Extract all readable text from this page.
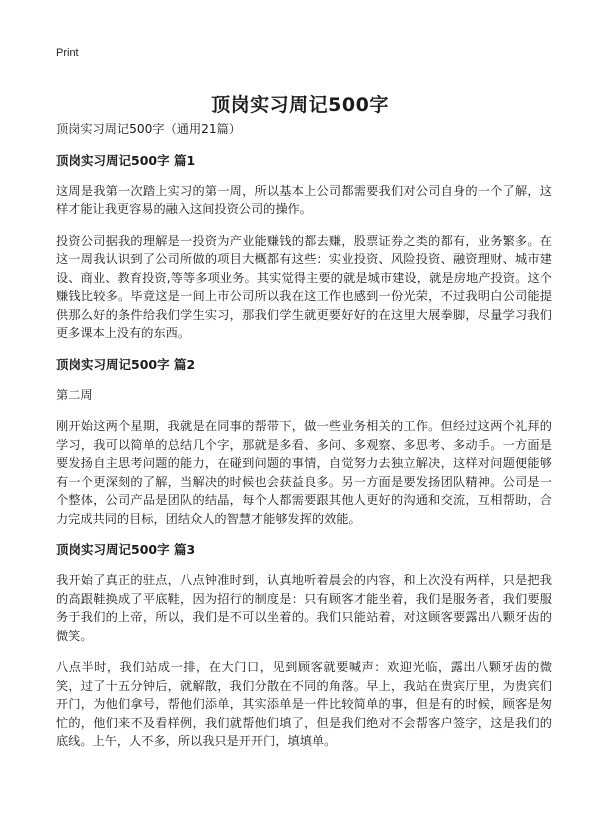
Print
顶岗实习周记500字
顶岗实习周记500字（通用21篇）
顶岗实习周记500字 篇1

这周是我第一次踏上实习的第一周，所以基本上公司都需要我们对公司自身的一个了解，这样才能让我更容易的融入这间投资公司的操作。

投资公司据我的理解是一投资为产业能赚钱的都去赚，股票证券之类的都有，业务繁多。在这一周我认识到了公司所做的项目大概都有这些：实业投资、风险投资、融资理财、城市建设、商业、教育投资,等等多项业务。其实觉得主要的就是城市建设，就是房地产投资。这个赚钱比较多。毕竟这是一间上市公司所以我在这工作也感到一份光荣，不过我明白公司能提供那么好的条件给我们学生实习，那我们学生就更要好好的在这里大展拳脚，尽量学习我们更多课本上没有的东西。

顶岗实习周记500字 篇2

第二周

刚开始这两个星期，我就是在同事的帮带下，做一些业务相关的工作。但经过这两个礼拜的学习，我可以简单的总结几个字，那就是多看、多问、多观察、多思考、多动手。一方面是要发扬自主思考问题的能力，在碰到问题的事情，自觉努力去独立解决，这样对问题便能够有一个更深刻的了解，当解决的时候也会获益良多。另一方面是要发扬团队精神。公司是一个整体，公司产品是团队的结晶，每个人都需要跟其他人更好的沟通和交流，互相帮助，合力完成共同的目标，团结众人的智慧才能够发挥的效能。

顶岗实习周记500字 篇3

我开始了真正的驻点，八点钟准时到，认真地听着晨会的内容，和上次没有两样，只是把我的高跟鞋换成了平底鞋，因为招行的制度是：只有顾客才能坐着，我们是服务者，我们要服务于我们的上帝，所以，我们是不可以坐着的。我们只能站着，对这顾客要露出八颗牙齿的微笑。

八点半时，我们站成一排，在大门口，见到顾客就要喊声：欢迎光临，露出八颗牙齿的微笑，过了十五分钟后，就解散，我们分散在不同的角落。早上，我站在贵宾厅里，为贵宾们开门，为他们拿号，帮他们添单，其实添单是一件比较简单的事，但是有的时候，顾客是匆忙的，他们来不及看样例，我们就帮他们填了，但是我们绝对不会帮客户签字，这是我们的底线。上午，人不多，所以我只是开开门，填填单。
